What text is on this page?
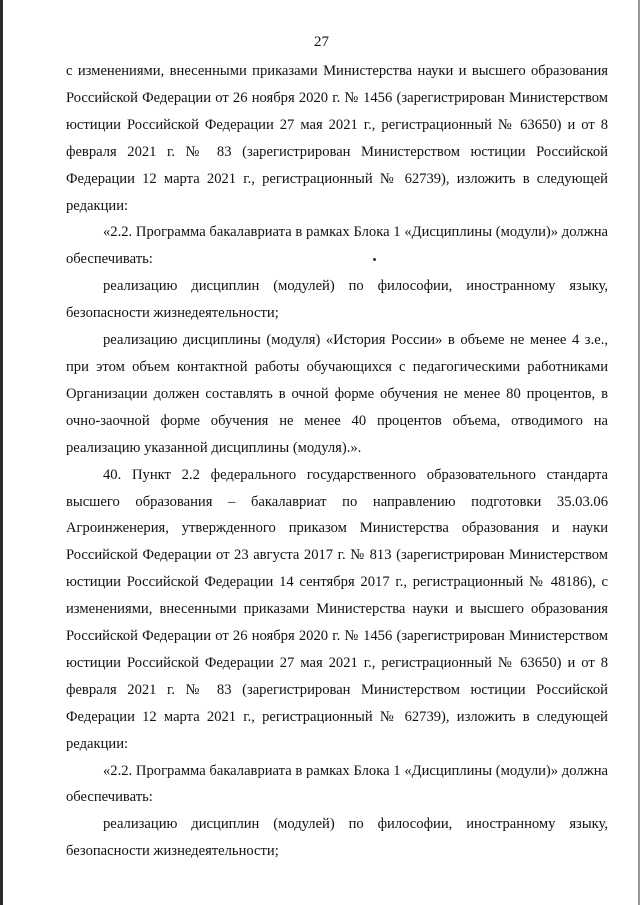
27

с изменениями, внесенными приказами Министерства науки и высшего образования Российской Федерации от 26 ноября 2020 г. № 1456 (зарегистрирован Министерством юстиции Российской Федерации 27 мая 2021 г., регистрационный № 63650) и от 8 февраля 2021 г. № 83 (зарегистрирован Министерством юстиции Российской Федерации 12 марта 2021 г., регистрационный № 62739), изложить в следующей редакции:

«2.2. Программа бакалавриата в рамках Блока 1 «Дисциплины (модули)» должна обеспечивать:

реализацию дисциплин (модулей) по философии, иностранному языку, безопасности жизнедеятельности;

реализацию дисциплины (модуля) «История России» в объеме не менее 4 з.е., при этом объем контактной работы обучающихся с педагогическими работниками Организации должен составлять в очной форме обучения не менее 80 процентов, в очно-заочной форме обучения не менее 40 процентов объема, отводимого на реализацию указанной дисциплины (модуля).».

40. Пункт 2.2 федерального государственного образовательного стандарта высшего образования – бакалавриат по направлению подготовки 35.03.06 Агроинженерия, утвержденного приказом Министерства образования и науки Российской Федерации от 23 августа 2017 г. № 813 (зарегистрирован Министерством юстиции Российской Федерации 14 сентября 2017 г., регистрационный № 48186), с изменениями, внесенными приказами Министерства науки и высшего образования Российской Федерации от 26 ноября 2020 г. № 1456 (зарегистрирован Министерством юстиции Российской Федерации 27 мая 2021 г., регистрационный № 63650) и от 8 февраля 2021 г. № 83 (зарегистрирован Министерством юстиции Российской Федерации 12 марта 2021 г., регистрационный № 62739), изложить в следующей редакции:

«2.2. Программа бакалавриата в рамках Блока 1 «Дисциплины (модули)» должна обеспечивать:

реализацию дисциплин (модулей) по философии, иностранному языку, безопасности жизнедеятельности;
